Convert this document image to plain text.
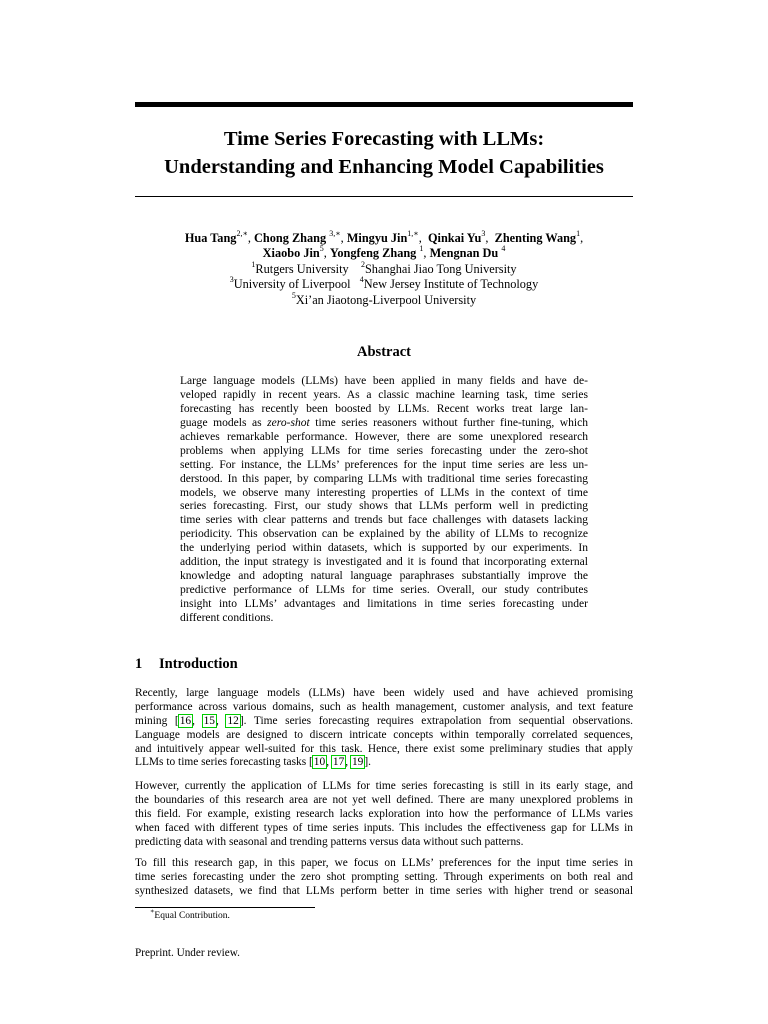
Time Series Forecasting with LLMs:
Understanding and Enhancing Model Capabilities
Hua Tang$^{2,∗}$, Chong Zhang $^{3,∗}$, Mingyu Jin$^{1,∗}$,  Qinkai Yu$^3$,  Zhenting Wang$^1$,
Xiaobo Jin$^5$, Yongfeng Zhang $^1$, Mengnan Du $^4$
$^1$Rutgers University $^2$Shanghai Jiao Tong University
$^3$University of Liverpool $^4$New Jersey Institute of Technology
$^5$Xi’an Jiaotong-Liverpool University
Abstract
Large language models (LLMs) have been applied in many fields and have de-
veloped rapidly in recent years. As a classic machine learning task, time series
forecasting has recently been boosted by LLMs. Recent works treat large lan-
guage models as zero-shot time series reasoners without further fine-tuning, which
achieves remarkable performance. However, there are some unexplored research
problems when applying LLMs for time series forecasting under the zero-shot
setting. For instance, the LLMs’ preferences for the input time series are less un-
derstood. In this paper, by comparing LLMs with traditional time series forecasting
models, we observe many interesting properties of LLMs in the context of time
series forecasting. First, our study shows that LLMs perform well in predicting
time series with clear patterns and trends but face challenges with datasets lacking
periodicity. This observation can be explained by the ability of LLMs to recognize
the underlying period within datasets, which is supported by our experiments. In
addition, the input strategy is investigated and it is found that incorporating external
knowledge and adopting natural language paraphrases substantially improve the
predictive performance of LLMs for time series. Overall, our study contributes
insight into LLMs’ advantages and limitations in time series forecasting under
different conditions.
1 Introduction
Recently, large language models (LLMs) have been widely used and have achieved promising
performance across various domains, such as health management, customer analysis, and text feature
mining [16, 15, 12]. Time series forecasting requires extrapolation from sequential observations.
Language models are designed to discern intricate concepts within temporally correlated sequences,
and intuitively appear well-suited for this task. Hence, there exist some preliminary studies that apply
LLMs to time series forecasting tasks [10, 17, 19].
However, currently the application of LLMs for time series forecasting is still in its early stage, and
the boundaries of this research area are not yet well defined. There are many unexplored problems in
this field. For example, existing research lacks exploration into how the performance of LLMs varies
when faced with different types of time series inputs. This includes the effectiveness gap for LLMs in
predicting data with seasonal and trending patterns versus data without such patterns.
To fill this research gap, in this paper, we focus on LLMs’ preferences for the input time series in
time series forecasting under the zero shot prompting setting. Through experiments on both real and
synthesized datasets, we find that LLMs perform better in time series with higher trend or seasonal
∗Equal Contribution.
Preprint. Under review.
